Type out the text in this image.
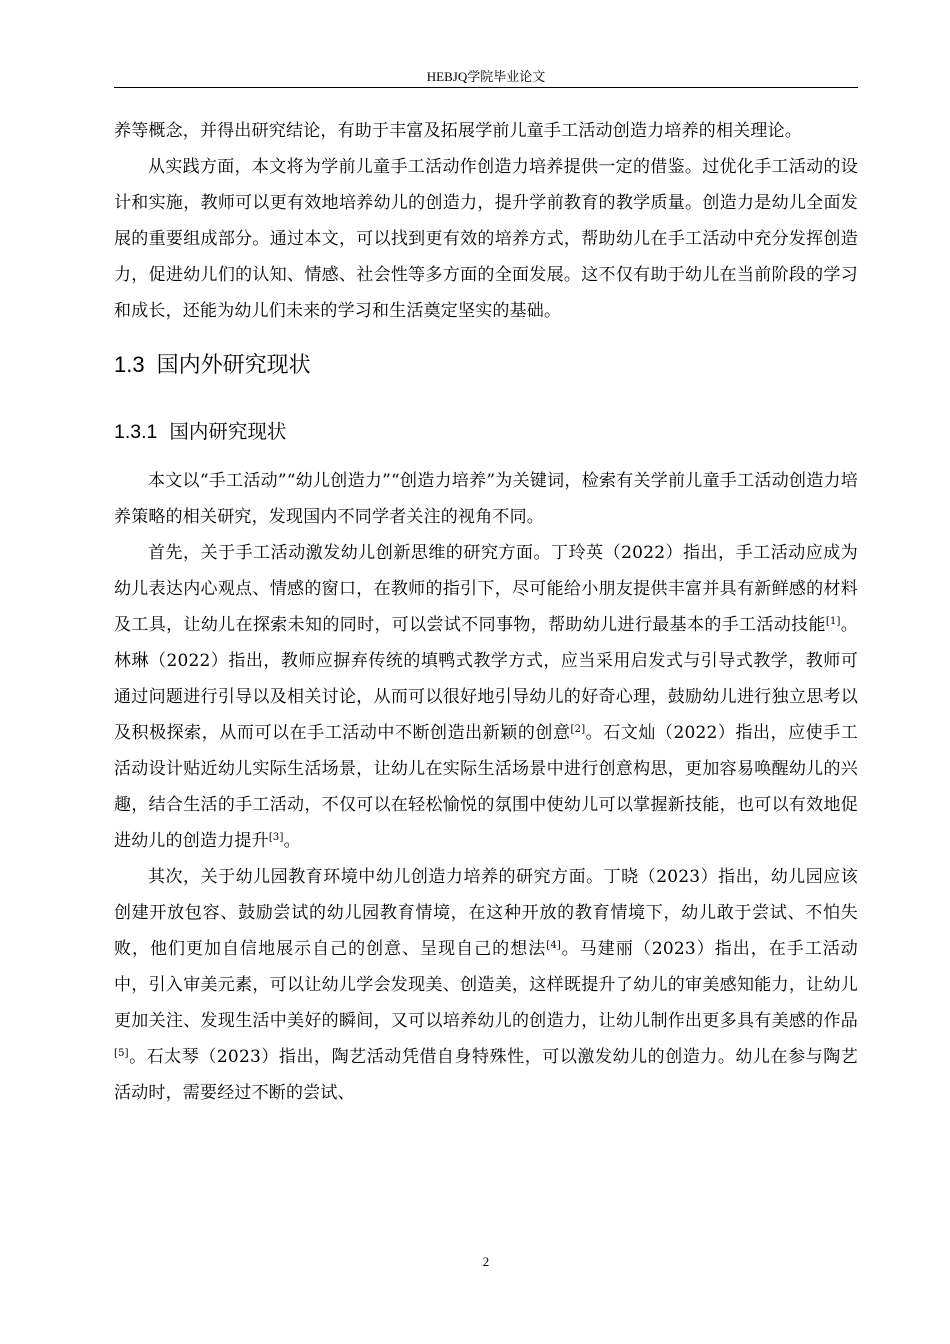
HEBJQ学院毕业论文

养等概念，并得出研究结论，有助于丰富及拓展学前儿童手工活动创造力培养的相关理论。

从实践方面，本文将为学前儿童手工活动作创造力培养提供一定的借鉴。过优化手工活动的设计和实施，教师可以更有效地培养幼儿的创造力，提升学前教育的教学质量。创造力是幼儿全面发展的重要组成部分。通过本文，可以找到更有效的培养方式，帮助幼儿在手工活动中充分发挥创造力，促进幼儿们的认知、情感、社会性等多方面的全面发展。这不仅有助于幼儿在当前阶段的学习和成长，还能为幼儿们未来的学习和生活奠定坚实的基础。

1.3 国内外研究现状
1.3.1 国内研究现状

本文以“手工活动”“幼儿创造力”“创造力培养”为关键词，检索有关学前儿童手工活动创造力培养策略的相关研究，发现国内不同学者关注的视角不同。

首先，关于手工活动激发幼儿创新思维的研究方面。丁玲英（2022）指出，手工活动应成为幼儿表达内心观点、情感的窗口，在教师的指引下，尽可能给小朋友提供丰富并具有新鲜感的材料及工具，让幼儿在探索未知的同时，可以尝试不同事物，帮助幼儿进行最基本的手工活动技能[1]。林琳（2022）指出，教师应摒弃传统的填鸭式教学方式，应当采用启发式与引导式教学，教师可通过问题进行引导以及相关讨论，从而可以很好地引导幼儿的好奇心理，鼓励幼儿进行独立思考以及积极探索，从而可以在手工活动中不断创造出新颖的创意[2]。石文灿（2022）指出，应使手工活动设计贴近幼儿实际生活场景，让幼儿在实际生活场景中进行创意构思，更加容易唤醒幼儿的兴趣，结合生活的手工活动，不仅可以在轻松愉悦的氛围中使幼儿可以掌握新技能，也可以有效地促进幼儿的创造力提升[3]。

其次，关于幼儿园教育环境中幼儿创造力培养的研究方面。丁晓（2023）指出，幼儿园应该创建开放包容、鼓励尝试的幼儿园教育情境，在这种开放的教育情境下，幼儿敢于尝试、不怕失败，他们更加自信地展示自己的创意、呈现自己的想法[4]。马建丽（2023）指出，在手工活动中，引入审美元素，可以让幼儿学会发现美、创造美，这样既提升了幼儿的审美感知能力，让幼儿更加关注、发现生活中美好的瞬间，又可以培养幼儿的创造力，让幼儿制作出更多具有美感的作品[5]。石太琴（2023）指出，陶艺活动凭借自身特殊性，可以激发幼儿的创造力。幼儿在参与陶艺活动时，需要经过不断的尝试、

2
